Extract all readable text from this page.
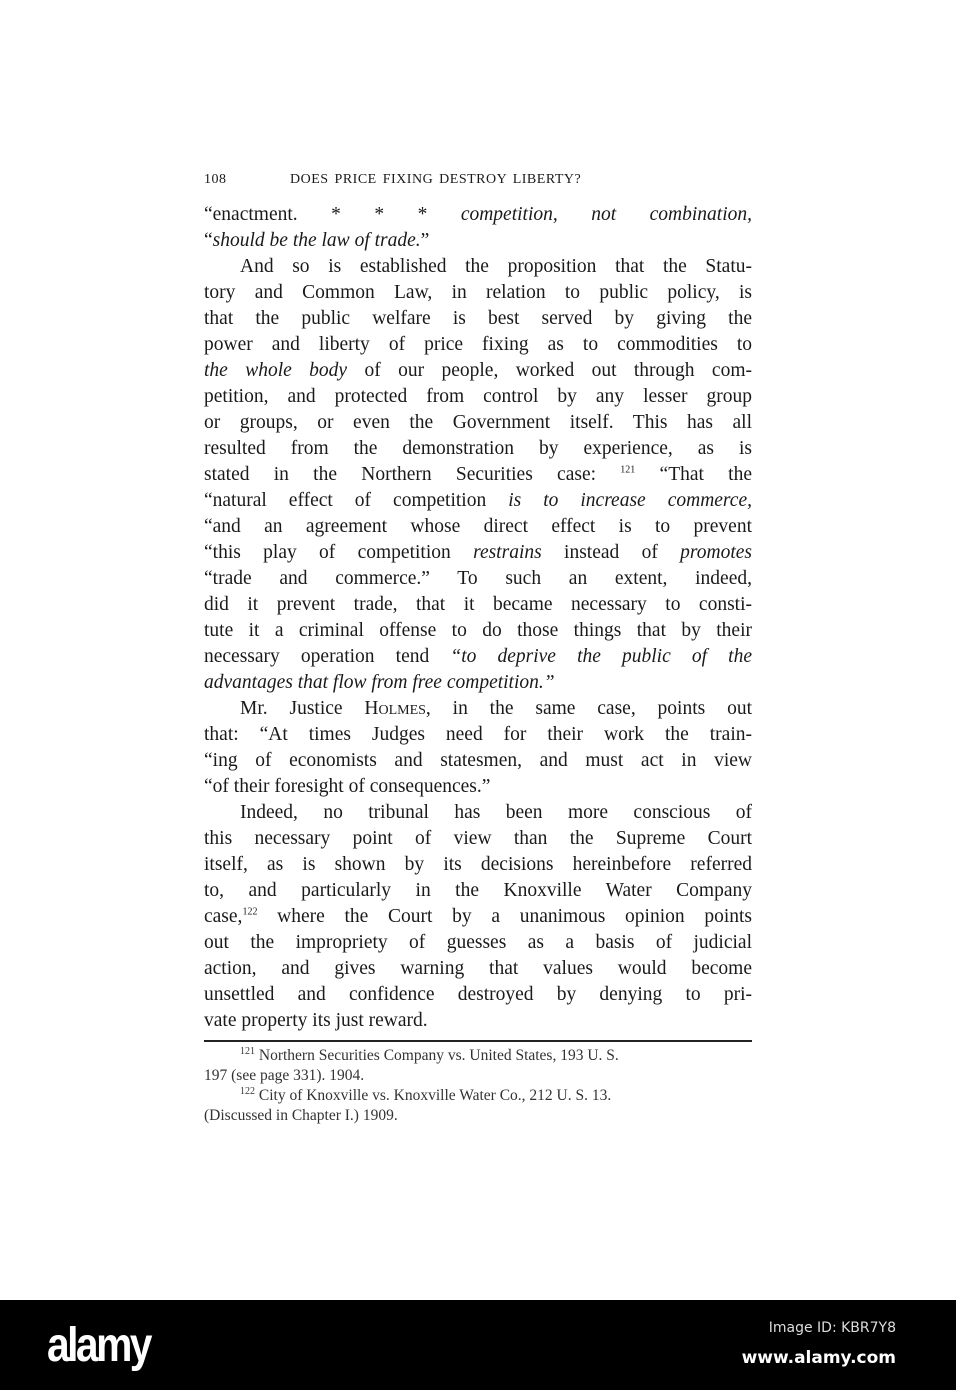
108	DOES PRICE FIXING DESTROY LIBERTY?
“enactment. * * * competition, not combination,
“should be the law of trade.”
And so is established the proposition that the Statu-
tory and Common Law, in relation to public policy, is
that the public welfare is best served by giving the
power and liberty of price fixing as to commodities to
the whole body of our people, worked out through com-
petition, and protected from control by any lesser group
or groups, or even the Government itself. This has all
resulted from the demonstration by experience, as is
stated in the Northern Securities case: $^{121}$ “That the
“natural effect of competition is to increase commerce,
“and an agreement whose direct effect is to prevent
“this play of competition restrains instead of promotes
“trade and commerce.” To such an extent, indeed,
did it prevent trade, that it became necessary to consti-
tute it a criminal offense to do those things that by their
necessary operation tend “to deprive the public of the
advantages that flow from free competition.”
Mr. Justice Holmes, in the same case, points out
that: “At times Judges need for their work the train-
“ing of economists and statesmen, and must act in view
“of their foresight of consequences.”
Indeed, no tribunal has been more conscious of
this necessary point of view than the Supreme Court
itself, as is shown by its decisions hereinbefore referred
to, and particularly in the Knoxville Water Company
case,$^{122}$ where the Court by a unanimous opinion points
out the impropriety of guesses as a basis of judicial
action, and gives warning that values would become
unsettled and confidence destroyed by denying to pri-
vate property its just reward.
$^{121}$ Northern Securities Company vs. United States, 193 U. S.
197 (see page 331). 1904.
$^{122}$ City of Knoxville vs. Knoxville Water Co., 212 U. S. 13.
(Discussed in Chapter I.) 1909.
alamy	Image ID: KBR7Y8
www.alamy.com
